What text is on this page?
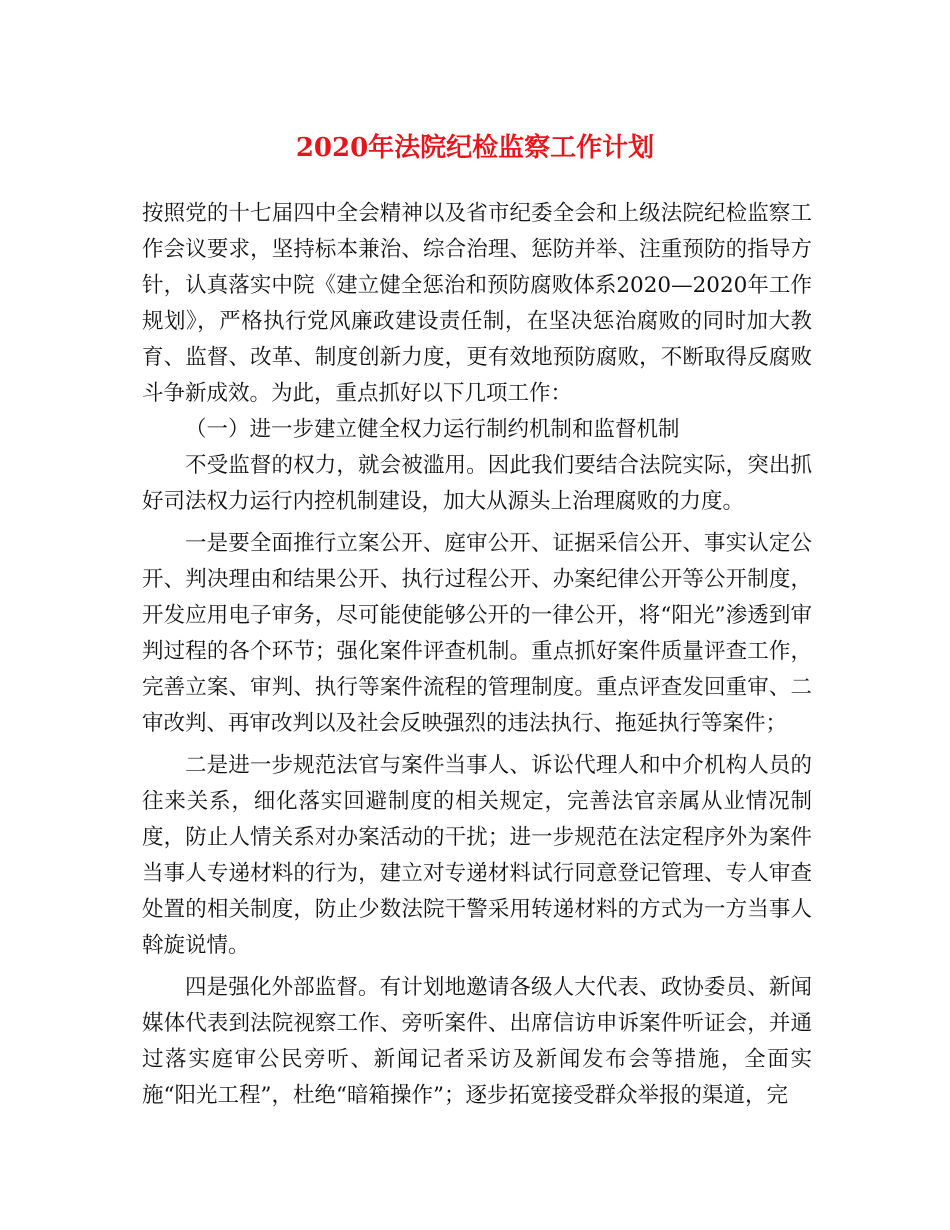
2020年法院纪检监察工作计划

按照党的十七届四中全会精神以及省市纪委全会和上级法院纪检监察工作会议要求，坚持标本兼治、综合治理、惩防并举、注重预防的指导方针，认真落实中院《建立健全惩治和预防腐败体系2020—2020年工作规划》，严格执行党风廉政建设责任制，在坚决惩治腐败的同时加大教育、监督、改革、制度创新力度，更有效地预防腐败，不断取得反腐败斗争新成效。为此，重点抓好以下几项工作：

（一）进一步建立健全权力运行制约机制和监督机制

不受监督的权力，就会被滥用。因此我们要结合法院实际，突出抓好司法权力运行内控机制建设，加大从源头上治理腐败的力度。

一是要全面推行立案公开、庭审公开、证据采信公开、事实认定公开、判决理由和结果公开、执行过程公开、办案纪律公开等公开制度，开发应用电子审务，尽可能使能够公开的一律公开，将“阳光”渗透到审判过程的各个环节；强化案件评查机制。重点抓好案件质量评查工作，完善立案、审判、执行等案件流程的管理制度。重点评查发回重审、二审改判、再审改判以及社会反映强烈的违法执行、拖延执行等案件；

二是进一步规范法官与案件当事人、诉讼代理人和中介机构人员的往来关系，细化落实回避制度的相关规定，完善法官亲属从业情况制度，防止人情关系对办案活动的干扰；进一步规范在法定程序外为案件当事人专递材料的行为，建立对专递材料试行同意登记管理、专人审查处置的相关制度，防止少数法院干警采用转递材料的方式为一方当事人斡旋说情。

四是强化外部监督。有计划地邀请各级人大代表、政协委员、新闻媒体代表到法院视察工作、旁听案件、出席信访申诉案件听证会，并通过落实庭审公民旁听、新闻记者采访及新闻发布会等措施，全面实施“阳光工程”，杜绝“暗箱操作”；逐步拓宽接受群众举报的渠道，完
